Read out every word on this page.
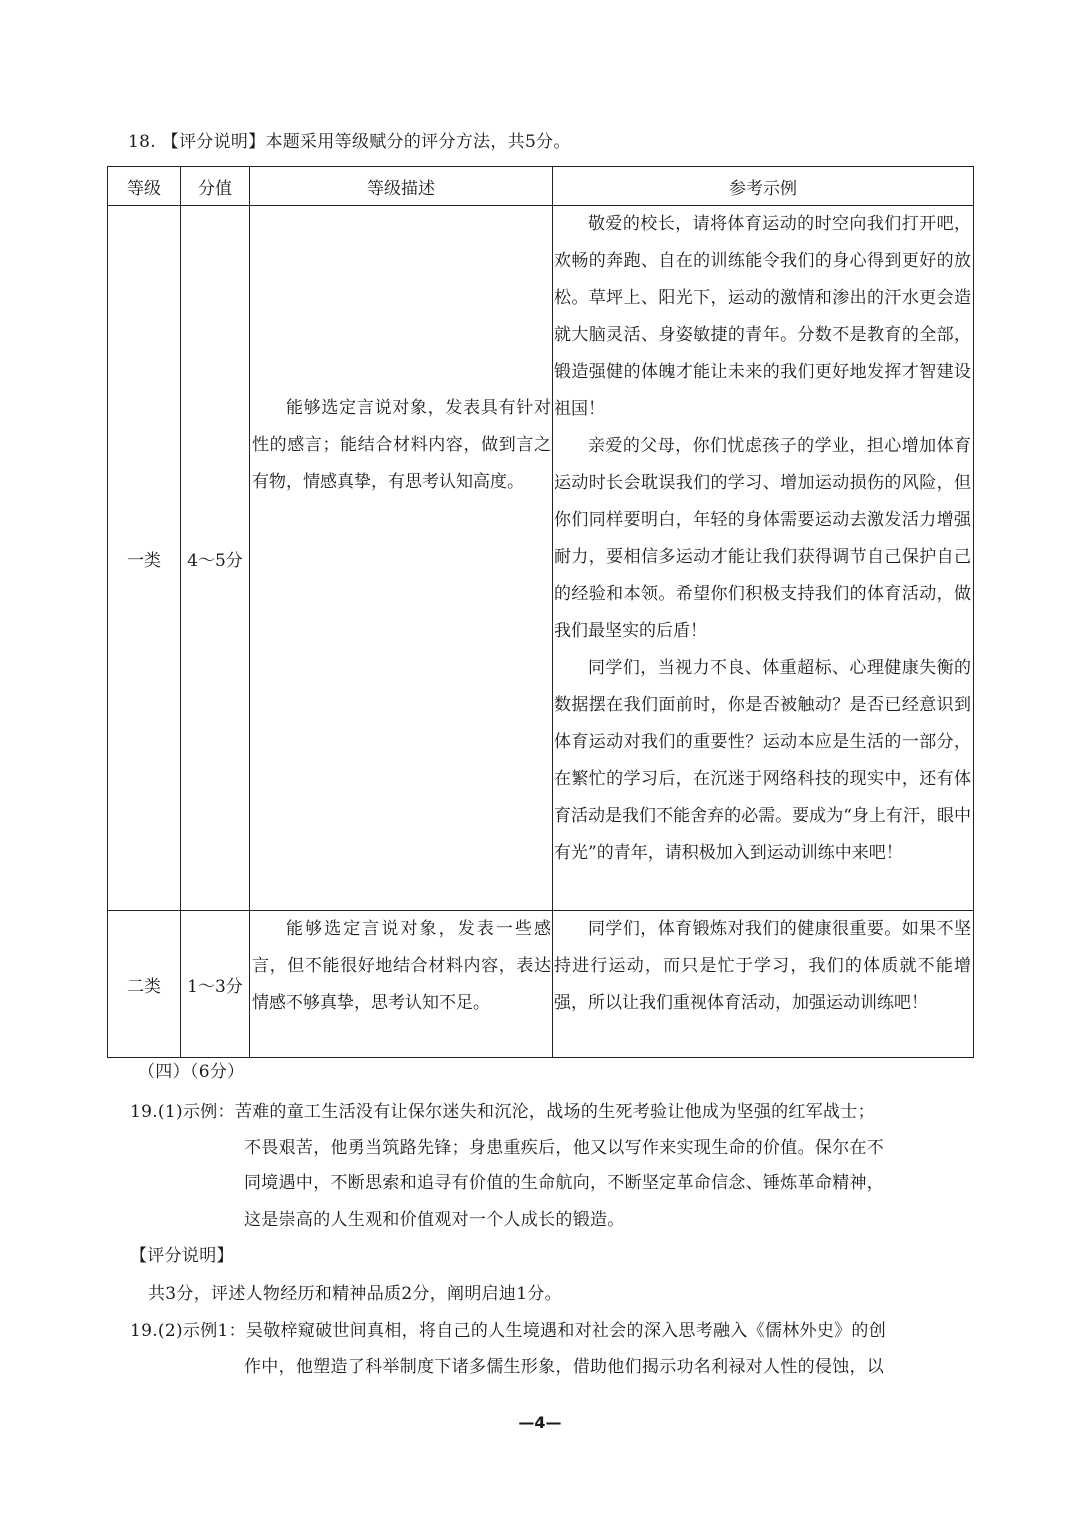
18. 【评分说明】本题采用等级赋分的评分方法，共5分。
等级	分值	等级描述	参考示例
一类	4～5分	能够选定言说对象，发表具有针对性的感言；能结合材料内容，做到言之有物，情感真挚，有思考认知高度。	敬爱的校长，请将体育运动的时空向我们打开吧，欢畅的奔跑、自在的训练能令我们的身心得到更好的放松。草坪上、阳光下，运动的激情和渗出的汗水更会造就大脑灵活、身姿敏捷的青年。分数不是教育的全部，锻造强健的体魄才能让未来的我们更好地发挥才智建设祖国！
亲爱的父母，你们忧虑孩子的学业，担心增加体育运动时长会耽误我们的学习、增加运动损伤的风险，但你们同样要明白，年轻的身体需要运动去激发活力增强耐力，要相信多运动才能让我们获得调节自己保护自己的经验和本领。希望你们积极支持我们的体育活动，做我们最坚实的后盾！
同学们，当视力不良、体重超标、心理健康失衡的数据摆在我们面前时，你是否被触动？是否已经意识到体育运动对我们的重要性？运动本应是生活的一部分，在繁忙的学习后，在沉迷于网络科技的现实中，还有体育活动是我们不能舍弃的必需。要成为“身上有汗，眼中有光”的青年，请积极加入到运动训练中来吧！

二类	1～3分	能够选定言说对象，发表一些感言，但不能很好地结合材料内容，表达情感不够真挚，思考认知不足。	同学们，体育锻炼对我们的健康很重要。如果不坚持进行运动，而只是忙于学习，我们的体质就不能增强，所以让我们重视体育活动，加强运动训练吧！
（四）（6分）
19.(1)示例：苦难的童工生活没有让保尔迷失和沉沦，战场的生死考验让他成为坚强的红军战士；
不畏艰苦，他勇当筑路先锋；身患重疾后，他又以写作来实现生命的价值。保尔在不
同境遇中，不断思索和追寻有价值的生命航向，不断坚定革命信念、锤炼革命精神，
这是崇高的人生观和价值观对一个人成长的锻造。
【评分说明】
共3分，评述人物经历和精神品质2分，阐明启迪1分。
19.(2)示例1：吴敬梓窥破世间真相，将自己的人生境遇和对社会的深入思考融入《儒林外史》的创
作中，他塑造了科举制度下诸多儒生形象，借助他们揭示功名利禄对人性的侵蚀，以
—4—
